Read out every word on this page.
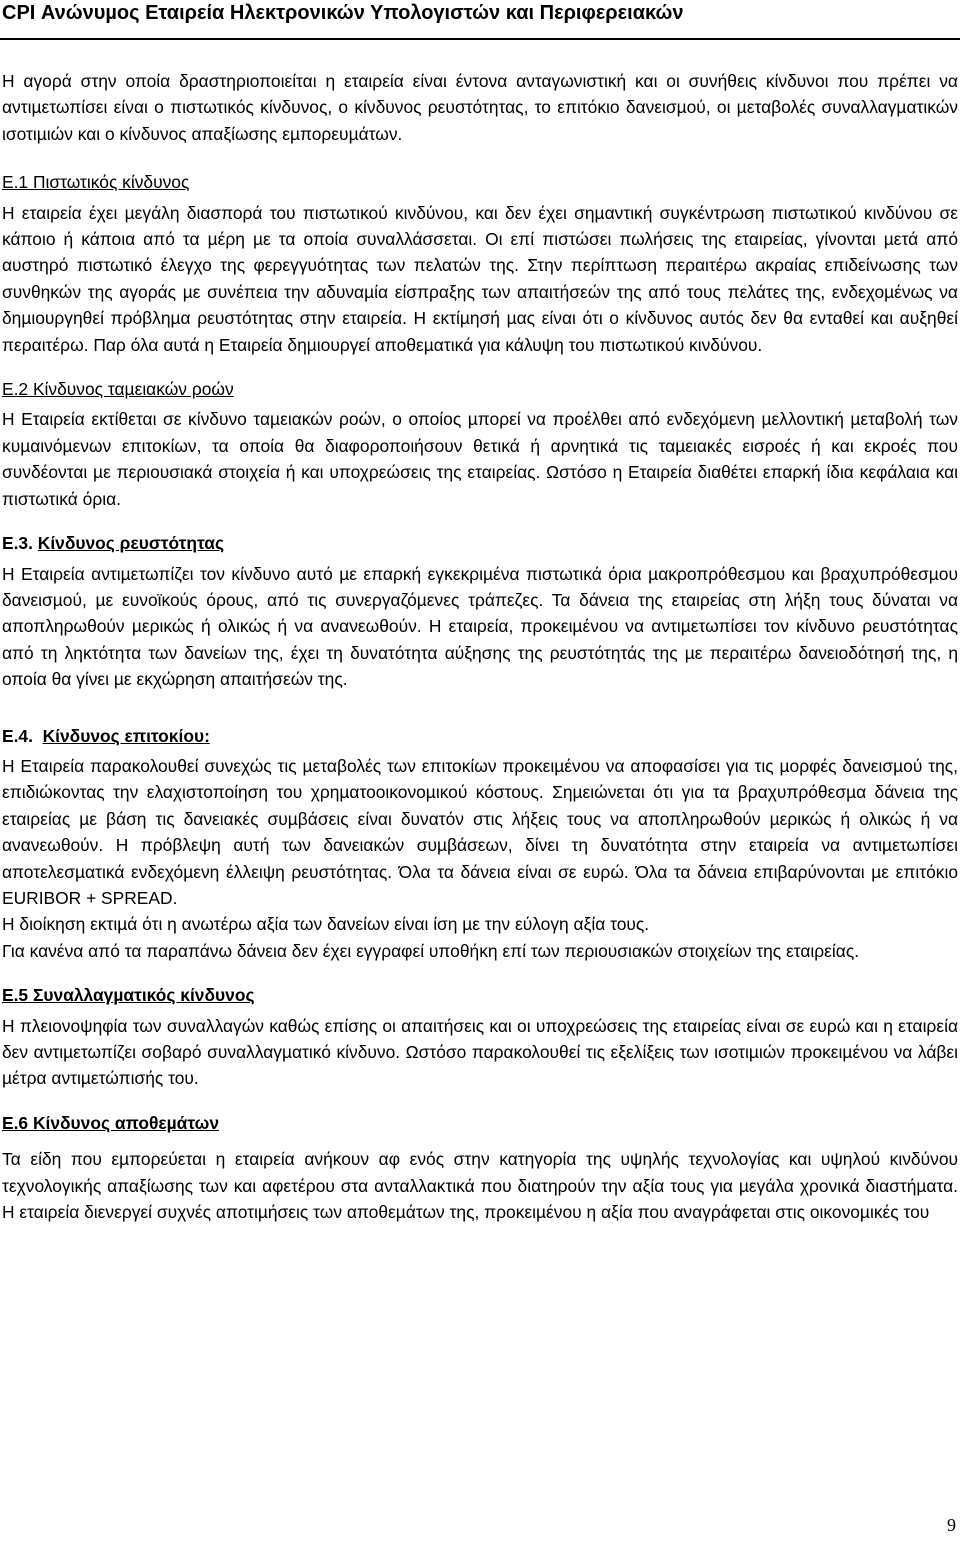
CPI Ανώνυµος Εταιρεία Ηλεκτρονικών Υπολογιστών και Περιφερειακών

Η αγορά στην οποία δραστηριοποιείται η εταιρεία είναι έντονα ανταγωνιστική και οι συνήθεις κίνδυνοι που πρέπει να αντιµετωπίσει είναι ο πιστωτικός κίνδυνος, ο κίνδυνος ρευστότητας, το επιτόκιο δανεισµού, οι µεταβολές συναλλαγµατικών ισοτιµιών και ο κίνδυνος απαξίωσης εµπορευµάτων.

Ε.1 Πιστωτικός κίνδυνος

Η εταιρεία έχει µεγάλη διασπορά του πιστωτικού κινδύνου, και δεν έχει σηµαντική συγκέντρωση πιστωτικού κινδύνου σε κάποιο ή κάποια από τα µέρη µε τα οποία συναλλάσσεται. Οι επί πιστώσει πωλήσεις της εταιρείας, γίνονται µετά από αυστηρό πιστωτικό έλεγχο της φερεγγυότητας των πελατών της. Στην περίπτωση περαιτέρω ακραίας επιδείνωσης των συνθηκών της αγοράς µε συνέπεια την αδυναµία είσπραξης των απαιτήσεών της από τους πελάτες της, ενδεχοµένως να δηµιουργηθεί πρόβληµα ρευστότητας στην εταιρεία. Η εκτίµησή µας είναι ότι ο κίνδυνος αυτός δεν θα ενταθεί και αυξηθεί περαιτέρω. Παρ όλα αυτά η Εταιρεία δηµιουργεί αποθεµατικά για κάλυψη του πιστωτικού κινδύνου.

Ε.2 Κίνδυνος ταµειακών ροών

Η Εταιρεία εκτίθεται σε κίνδυνο ταµειακών ροών, ο οποίος µπορεί να προέλθει από ενδεχόµενη µελλοντική µεταβολή των κυµαινόµενων επιτοκίων, τα οποία θα διαφοροποιήσουν θετικά ή αρνητικά τις ταµειακές εισροές ή και εκροές που συνδέονται µε περιουσιακά στοιχεία ή και υποχρεώσεις της εταιρείας. Ωστόσο η Εταιρεία διαθέτει επαρκή ίδια κεφάλαια και πιστωτικά όρια.

Ε.3. Κίνδυνος ρευστότητας

Η Εταιρεία αντιµετωπίζει τον κίνδυνο αυτό µε επαρκή εγκεκριµένα πιστωτικά όρια µακροπρόθεσµου και βραχυπρόθεσµου δανεισµού, µε ευνοϊκούς όρους, από τις συνεργαζόµενες τράπεζες. Τα δάνεια της εταιρείας στη λήξη τους δύναται να αποπληρωθούν µερικώς ή ολικώς ή να ανανεωθούν. Η εταιρεία, προκειµένου να αντιµετωπίσει τον κίνδυνο ρευστότητας από τη ληκτότητα των δανείων της, έχει τη δυνατότητα αύξησης της ρευστότητάς της µε περαιτέρω δανειοδότησή της, η οποία θα γίνει µε εκχώρηση απαιτήσεών της.

Ε.4. Κίνδυνος επιτοκίου:

Η Εταιρεία παρακολουθεί συνεχώς τις µεταβολές των επιτοκίων προκειµένου να αποφασίσει για τις µορφές δανεισµού της, επιδιώκοντας την ελαχιστοποίηση του χρηµατοοικονοµικού κόστους. Σηµειώνεται ότι για τα βραχυπρόθεσµα δάνεια της εταιρείας µε βάση τις δανειακές συµβάσεις είναι δυνατόν στις λήξεις τους να αποπληρωθούν µερικώς ή ολικώς ή να ανανεωθούν. Η πρόβλεψη αυτή των δανειακών συµβάσεων, δίνει τη δυνατότητα στην εταιρεία να αντιµετωπίσει αποτελεσµατικά ενδεχόµενη έλλειψη ρευστότητας. Όλα τα δάνεια είναι σε ευρώ. Όλα τα δάνεια επιβαρύνονται µε επιτόκιο EURIBOR + SPREAD.

Η διοίκηση εκτιµά ότι η ανωτέρω αξία των δανείων είναι ίση µε την εύλογη αξία τους.

Για κανένα από τα παραπάνω δάνεια δεν έχει εγγραφεί υποθήκη επί των περιουσιακών στοιχείων της εταιρείας.

Ε.5 Συναλλαγµατικός κίνδυνος

Η πλειονοψηφία των συναλλαγών καθώς επίσης οι απαιτήσεις και οι υποχρεώσεις της εταιρείας είναι σε ευρώ και η εταιρεία δεν αντιµετωπίζει σοβαρό συναλλαγµατικό κίνδυνο. Ωστόσο παρακολουθεί τις εξελίξεις των ισοτιµιών προκειµένου να λάβει µέτρα αντιµετώπισής του.

Ε.6 Κίνδυνος αποθεµάτων

Τα είδη που εµπορεύεται η εταιρεία ανήκουν αφ ενός στην κατηγορία της υψηλής τεχνολογίας και υψηλού κινδύνου τεχνολογικής απαξίωσης των και αφετέρου στα ανταλλακτικά που διατηρούν την αξία τους για µεγάλα χρονικά διαστήµατα. Η εταιρεία διενεργεί συχνές αποτιµήσεις των αποθεµάτων της, προκειµένου η αξία που αναγράφεται στις οικονοµικές του

9
